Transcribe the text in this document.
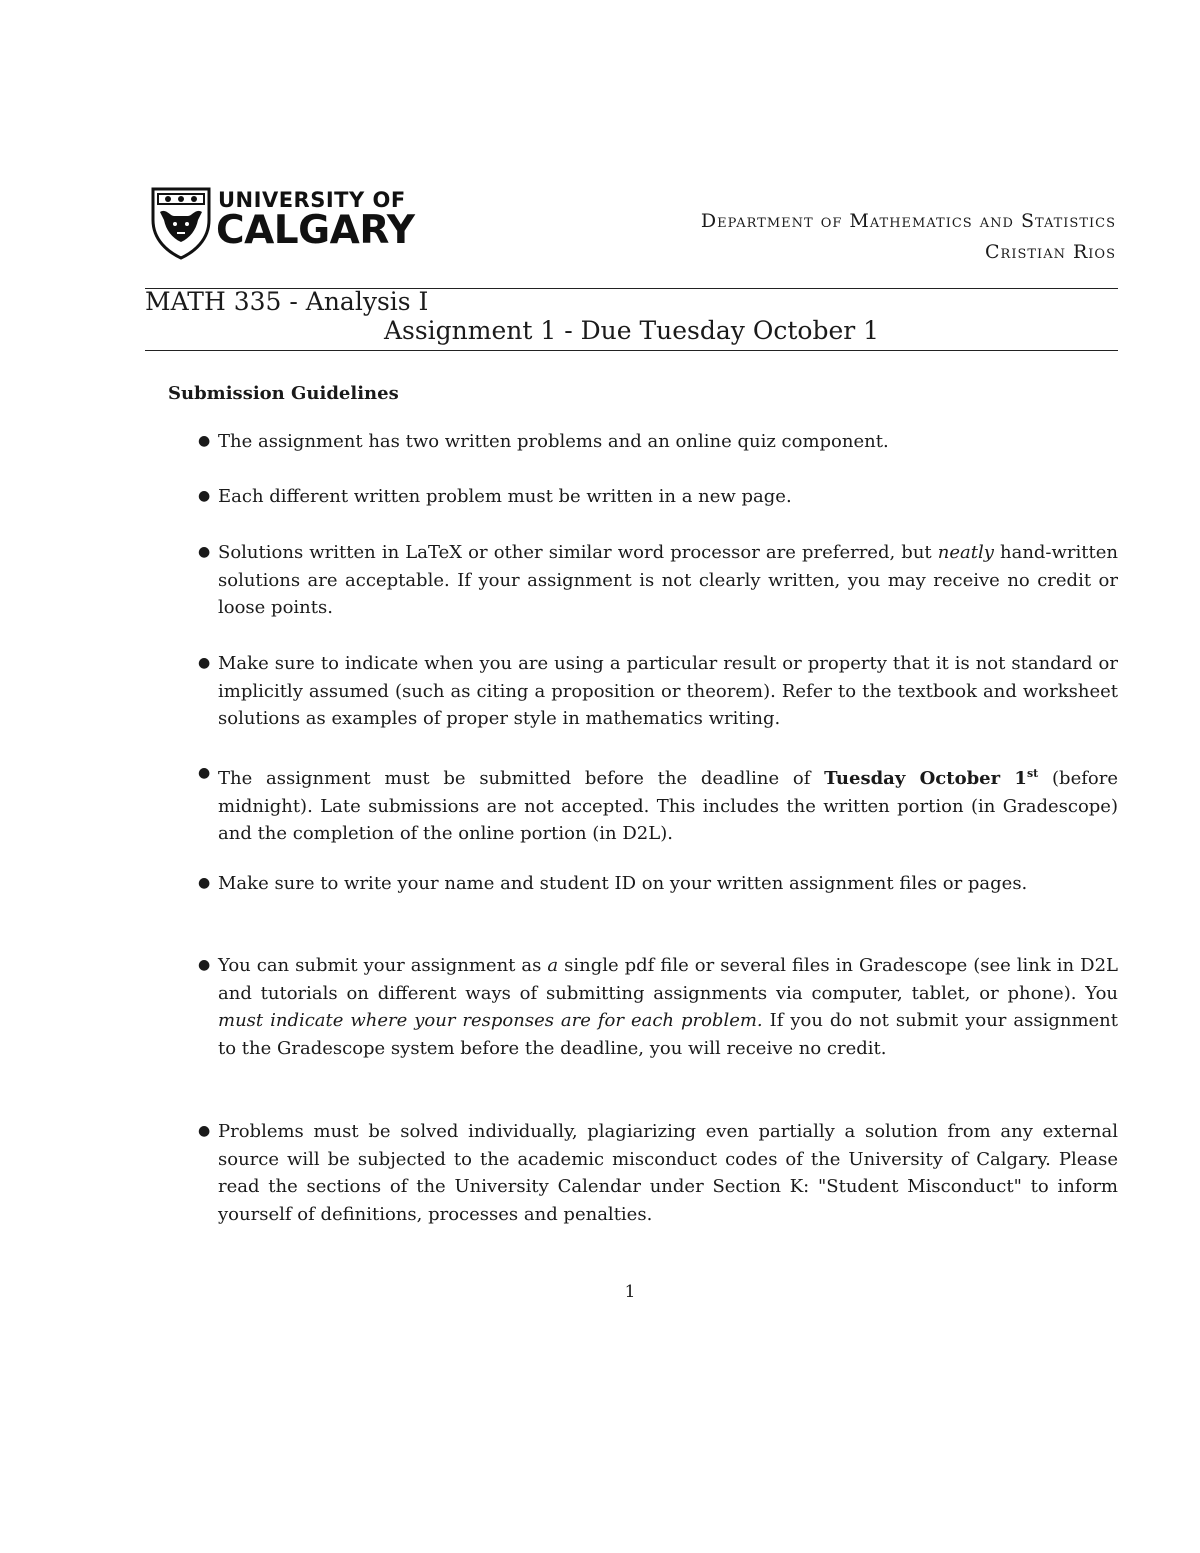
UNIVERSITY OF
CALGARY	Department of Mathematics and Statistics
Cristian Rios
MATH 335 - Analysis I
Assignment 1 - Due Tuesday October 1
Submission Guidelines
● The assignment has two written problems and an online quiz component.
● Each different written problem must be written in a new page.
● Solutions written in LaTeX or other similar word processor are preferred, but neatly hand-written solutions are acceptable. If your assignment is not clearly written, you may receive no credit or loose points.
● Make sure to indicate when you are using a particular result or property that it is not standard or implicitly assumed (such as citing a proposition or theorem). Refer to the textbook and worksheet solutions as examples of proper style in mathematics writing.
● The assignment must be submitted before the deadline of Tuesday October 1st (before midnight). Late submissions are not accepted. This includes the written portion (in Gradescope) and the completion of the online portion (in D2L).
● Make sure to write your name and student ID on your written assignment files or pages.
● You can submit your assignment as a single pdf file or several files in Gradescope (see link in D2L and tutorials on different ways of submitting assignments via computer, tablet, or phone). You must indicate where your responses are for each problem. If you do not submit your assignment to the Gradescope system before the deadline, you will receive no credit.
● Problems must be solved individually, plagiarizing even partially a solution from any external source will be subjected to the academic misconduct codes of the University of Calgary. Please read the sections of the University Calendar under Section K: "Student Misconduct" to inform yourself of definitions, processes and penalties.
1
